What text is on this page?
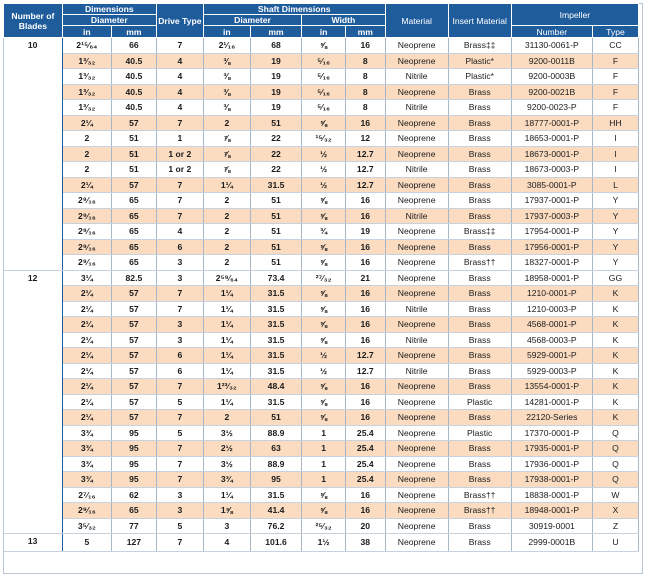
Number of Blades	Dimensions		Drive Type	Shaft Dimensions				Material	Insert Material	Impeller	
	Diameter			Diameter		Width					
	in	mm		in	mm	in	mm			Number	Type
10	2¹⁵⁄₆₄	66	7	2¹⁄₁₆	68	⅝	16	Neoprene	Brass‡‡	31130-0061-P	CC
	1³⁄₃₂	40.5	4	⅜	19	⁵⁄₁₆	8	Neoprene	Plastic*	9200-0011B	F
	1³⁄₃₂	40.5	4	⅜	19	⁵⁄₁₆	8	Nitrile	Plastic*	9200-0003B	F
	1³⁄₃₂	40.5	4	⅜	19	⁵⁄₁₆	8	Neoprene	Brass	9200-0021B	F
	1³⁄₃₂	40.5	4	⅜	19	⁵⁄₁₆	8	Nitrile	Brass	9200-0023-P	F
	2¼	57	7	2	51	⅝	16	Neoprene	Brass	18777-0001-P	HH
	2	51	1	⅞	22	¹⁵⁄₃₂	12	Neoprene	Brass	18653-0001-P	I
	2	51	1 or 2	⅞	22	½	12.7	Neoprene	Brass	18673-0001-P	I
	2	51	1 or 2	⅞	22	½	12.7	Nitrile	Brass	18673-0003-P	I
	2¼	57	7	1¼	31.5	½	12.7	Neoprene	Brass	3085-0001-P	L
	2⁹⁄₁₆	65	7	2	51	⅝	16	Neoprene	Brass	17937-0001-P	Y
	2⁹⁄₁₆	65	7	2	51	⅝	16	Nitrile	Brass	17937-0003-P	Y
	2⁹⁄₁₆	65	4	2	51	¾	19	Neoprene	Brass‡‡	17954-0001-P	Y
	2⁹⁄₁₆	65	6	2	51	⅝	16	Neoprene	Brass	17956-0001-P	Y
	2⁹⁄₁₆	65	3	2	51	⅝	16	Neoprene	Brass††	18327-0001-P	Y
12	3¼	82.5	3	2⁵⁹⁄₆₄	73.4	²⁷⁄₃₂	21	Neoprene	Brass	18958-0001-P	GG
	2¼	57	7	1¼	31.5	⅝	16	Neoprene	Brass	1210-0001-P	K
	2¼	57	7	1¼	31.5	⅝	16	Nitrile	Brass	1210-0003-P	K
	2¼	57	3	1¼	31.5	⅝	16	Neoprene	Brass	4568-0001-P	K
	2¼	57	3	1¼	31.5	⅝	16	Nitrile	Brass	4568-0003-P	K
	2¼	57	6	1¼	31.5	½	12.7	Neoprene	Brass	5929-0001-P	K
	2¼	57	6	1¼	31.5	½	12.7	Nitrile	Brass	5929-0003-P	K
	2¼	57	7	1²³⁄₃₂	48.4	⅝	16	Neoprene	Brass	13554-0001-P	K
	2¼	57	5	1¼	31.5	⅝	16	Neoprene	Plastic	14281-0001-P	K
	2¼	57	7	2	51	⅝	16	Neoprene	Brass	22120-Series	K
	3¾	95	5	3½	88.9	1	25.4	Neoprene	Plastic	17370-0001-P	Q
	3¾	95	7	2½	63	1	25.4	Neoprene	Brass	17935-0001-P	Q
	3¾	95	7	3½	88.9	1	25.4	Neoprene	Brass	17936-0001-P	Q
	3¾	95	7	3¾	95	1	25.4	Neoprene	Brass	17938-0001-P	Q
	2⁷⁄₁₆	62	3	1¼	31.5	⅝	16	Neoprene	Brass††	18838-0001-P	W
	2⁹⁄₁₆	65	3	1⅝	41.4	⅝	16	Neoprene	Brass††	18948-0001-P	X
	3⁵⁄₃₂	77	5	3	76.2	²⁵⁄₃₂	20	Neoprene	Brass	30919-0001	Z
13	5	127	7	4	101.6	1½	38	Neoprene	Brass	2999-0001B	U
